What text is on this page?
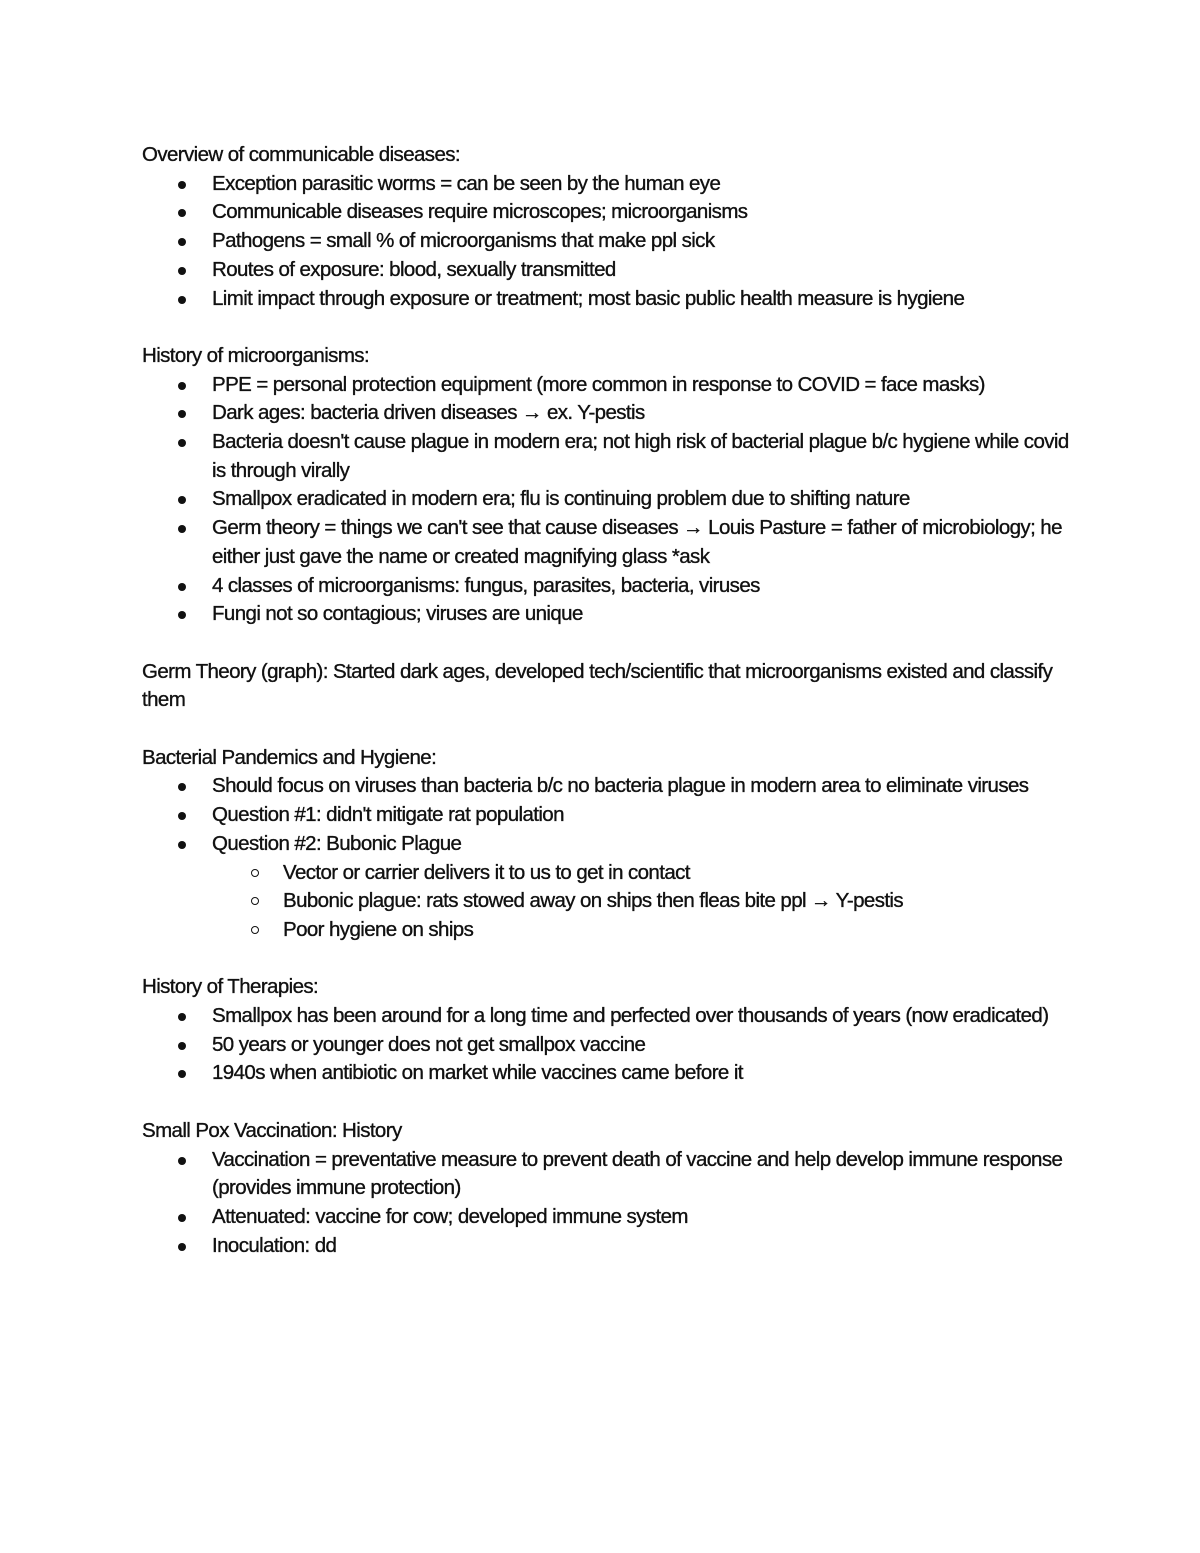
Overview of communicable diseases:

Exception parasitic worms = can be seen by the human eye
Communicable diseases require microscopes; microorganisms
Pathogens = small % of microorganisms that make ppl sick
Routes of exposure: blood, sexually transmitted
Limit impact through exposure or treatment; most basic public health measure is hygiene

History of microorganisms:

PPE = personal protection equipment (more common in response to COVID = face masks)
Dark ages: bacteria driven diseases → ex. Y-pestis
Bacteria doesn't cause plague in modern era; not high risk of bacterial plague b/c hygiene while covid is through virally
Smallpox eradicated in modern era; flu is continuing problem due to shifting nature
Germ theory = things we can't see that cause diseases → Louis Pasture = father of microbiology; he either just gave the name or created magnifying glass *ask
4 classes of microorganisms: fungus, parasites, bacteria, viruses
Fungi not so contagious; viruses are unique

Germ Theory (graph): Started dark ages, developed tech/scientific that microorganisms existed and classify them

Bacterial Pandemics and Hygiene:

Should focus on viruses than bacteria b/c no bacteria plague in modern area to eliminate viruses
Question #1: didn't mitigate rat population
Question #2: Bubonic Plague
Vector or carrier delivers it to us to get in contact
Bubonic plague: rats stowed away on ships then fleas bite ppl → Y-pestis
Poor hygiene on ships

History of Therapies:

Smallpox has been around for a long time and perfected over thousands of years (now eradicated)
50 years or younger does not get smallpox vaccine
1940s when antibiotic on market while vaccines came before it

Small Pox Vaccination: History

Vaccination = preventative measure to prevent death of vaccine and help develop immune response (provides immune protection)
Attenuated: vaccine for cow; developed immune system
Inoculation: dd
